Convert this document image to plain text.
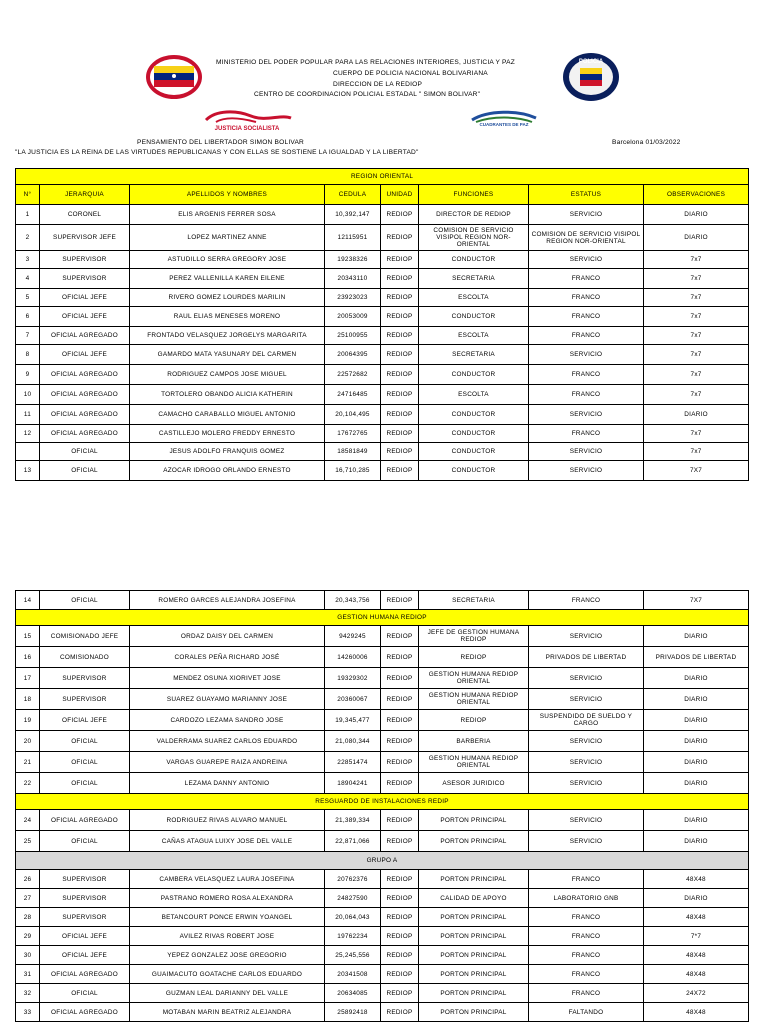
MINISTERIO DEL PODER POPULAR PARA LAS RELACIONES INTERIORES, JUSTICIA Y PAZ
CUERPO DE POLICIA NACIONAL BOLIVARIANA
DIRECCION DE LA REDIOP
CENTRO DE COORDINACION POLICIAL ESTADAL " SIMON BOLIVAR"
POLICIA
JUSTICIA SOCIALISTA
CUADRANTES DE PAZ
PENSAMIENTO DEL LIBERTADOR SIMON BOLIVAR
"LA JUSTICIA ES LA REINA DE LAS VIRTUDES REPUBLICANAS Y CON ELLAS SE SOSTIENE LA IGUALDAD Y LA LIBERTAD"
Barcelona 01/03/2022
REGION ORIENTAL							
N°	JERARQUIA	APELLIDOS Y NOMBRES	CEDULA	UNIDAD	FUNCIONES	ESTATUS	OBSERVACIONES
1	CORONEL	ELIS ARGENIS FERRER SOSA	10,392,147	REDIOP	DIRECTOR DE REDIOP	SERVICIO	DIARIO
2	SUPERVISOR JEFE	LOPEZ MARTINEZ ANNE	12115951	REDIOP	COMISION DE SERVICIO VISIPOL REGION NOR-ORIENTAL	COMISION DE SERVICIO VISIPOL REGION NOR-ORIENTAL	DIARIO
3	SUPERVISOR	ASTUDILLO SERRA GREGORY JOSE	19238326	REDIOP	CONDUCTOR	SERVICIO	7x7
4	SUPERVISOR	PEREZ VALLENILLA KAREN EILENE	20343110	REDIOP	SECRETARIA	FRANCO	7x7
5	OFICIAL JEFE	RIVERO GOMEZ LOURDES MARILIN	23923023	REDIOP	ESCOLTA	FRANCO	7x7
6	OFICIAL JEFE	RAUL ELIAS MENESES MORENO	20053009	REDIOP	CONDUCTOR	FRANCO	7x7
7	OFICIAL AGREGADO	FRONTADO VELASQUEZ JORGELYS MARGARITA	25100955	REDIOP	ESCOLTA	FRANCO	7x7
8	OFICIAL JEFE	GAMARDO MATA YASUNARY DEL CARMEN	20064395	REDIOP	SECRETARIA	SERVICIO	7x7
9	OFICIAL AGREGADO	RODRIGUEZ CAMPOS JOSE MIGUEL	22572682	REDIOP	CONDUCTOR	FRANCO	7x7
10	OFICIAL AGREGADO	TORTOLERO OBANDO ALICIA KATHERIN	24716485	REDIOP	ESCOLTA	FRANCO	7x7
11	OFICIAL AGREGADO	CAMACHO CARABALLO MIGUEL ANTONIO	20,104,495	REDIOP	CONDUCTOR	SERVICIO	DIARIO
12	OFICIAL AGREGADO	CASTILLEJO MOLERO FREDDY ERNESTO	17672765	REDIOP	CONDUCTOR	FRANCO	7x7
	OFICIAL	JESUS ADOLFO FRANQUIS GOMEZ	18581849	REDIOP	CONDUCTOR	SERVICIO	7x7
13	OFICIAL	AZOCAR IDROGO ORLANDO ERNESTO	16,710,285	REDIOP	CONDUCTOR	SERVICIO	7X7
14	OFICIAL	ROMERO GARCES ALEJANDRA JOSEFINA	20,343,756	REDIOP	SECRETARIA	FRANCO	7X7
GESTION HUMANA REDIOP							
15	COMISIONADO JEFE	ORDAZ DAISY DEL CARMEN	9429245	REDIOP	JEFE DE GESTION HUMANA REDIOP	SERVICIO	DIARIO
16	COMISIONADO	CORALES PEÑA RICHARD JOSÉ	14260006	REDIOP	REDIOP	PRIVADOS DE LIBERTAD	PRIVADOS DE LIBERTAD
17	SUPERVISOR	MENDEZ OSUNA XIORIVET JOSE	19329302	REDIOP	GESTION HUMANA REDIOP ORIENTAL	SERVICIO	DIARIO
18	SUPERVISOR	SUAREZ GUAYAMO MARIANNY JOSE	20360067	REDIOP	GESTION HUMANA REDIOP ORIENTAL	SERVICIO	DIARIO
19	OFICIAL JEFE	CARDOZO LEZAMA SANDRO JOSE	19,345,477	REDIOP	REDIOP	SUSPENDIDO DE SUELDO Y CARGO	DIARIO
20	OFICIAL	VALDERRAMA SUAREZ CARLOS EDUARDO	21,080,344	REDIOP	BARBERIA	SERVICIO	DIARIO
21	OFICIAL	VARGAS GUAREPE RAIZA ANDREINA	22851474	REDIOP	GESTION HUMANA REDIOP ORIENTAL	SERVICIO	DIARIO
22	OFICIAL	LEZAMA DANNY ANTONIO	18904241	REDIOP	ASESOR JURIDICO	SERVICIO	DIARIO
RESGUARDO DE INSTALACIONES REDIP							
24	OFICIAL AGREGADO	RODRIGUEZ RIVAS ALVARO MANUEL	21,389,334	REDIOP	PORTON PRINCIPAL	SERVICIO	DIARIO
25	OFICIAL	CAÑAS ATAGUA LUIXY JOSE DEL VALLE	22,871,066	REDIOP	PORTON PRINCIPAL	SERVICIO	DIARIO
GRUPO A							
26	SUPERVISOR	CAMBERA VELASQUEZ LAURA JOSEFINA	20762376	REDIOP	PORTON PRINCIPAL	FRANCO	48X48
27	SUPERVISOR	PASTRANO ROMERO ROSA ALEXANDRA	24827590	REDIOP	CALIDAD DE APOYO	LABORATORIO GNB	DIARIO
28	SUPERVISOR	BETANCOURT PONCE ERWIN YOANGEL	20,064,043	REDIOP	PORTON PRINCIPAL	FRANCO	48X48
29	OFICIAL JEFE	AVILEZ RIVAS ROBERT JOSE	19762234	REDIOP	PORTON PRINCIPAL	FRANCO	7*7
30	OFICIAL JEFE	YEPEZ GONZALEZ JOSE GREGORIO	25,245,556	REDIOP	PORTON PRINCIPAL	FRANCO	48X48
31	OFICIAL AGREGADO	GUAIMACUTO GOATACHE CARLOS EDUARDO	20341508	REDIOP	PORTON PRINCIPAL	FRANCO	48X48
32	OFICIAL	GUZMAN LEAL DARIANNY DEL VALLE	20634085	REDIOP	PORTON PRINCIPAL	FRANCO	24X72
33	OFICIAL AGREGADO	MOTABAN MARIN BEATRIZ ALEJANDRA	25892418	REDIOP	PORTON PRINCIPAL	FALTANDO	48X48
